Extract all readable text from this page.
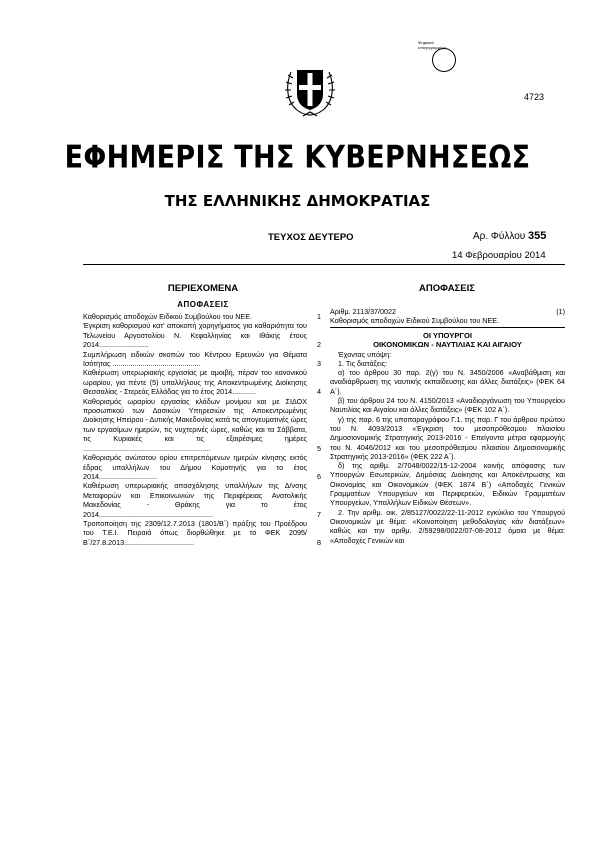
Ψηφιακά υπογεγραμμένο
4723
ΕΦΗΜΕΡΙΣ ΤΗΣ ΚΥΒΕΡΝΗΣΕΩΣ
ΤΗΣ ΕΛΛΗΝΙΚΗΣ ΔΗΜΟΚΡΑΤΙΑΣ
ΤΕΥΧΟΣ ΔΕΥΤΕΡΟ	Αρ. Φύλλου 355
14 Φεβρουαρίου 2014
ΠΕΡΙΕΧΟΜΕΝΑ
ΑΠΟΦΑΣΕΙΣ
Καθορισμός αποδοχών Ειδικού Συμβούλου του ΝΕΕ.	1
Έγκριση καθορισμού κατ’ αποκοπή χορηγήματος για καθαριότητα του Τελωνείου Αργοστολίου Ν. Κεφαλληνίας και Ιθάκης έτους 2014.........................	2
Συμπλήρωση ειδικών σκοπών του Κέντρου Ερευνών για Θέματα Ισότητας ............................................	3
Καθιέρωση υπερωριακής εργασίας με αμοιβή, πέραν του κανονικού ωραρίου, για πέντε (5) υπαλλήλους της Αποκεντρωμένης Διοίκησης Θεσσαλίας - Στερεάς Ελλάδας για το έτος 2014............	4
Καθορισμός ωραρίου εργασίας κλάδων μονίμου και με ΣΙΔΟΧ προσωπικού των Δασικών Υπηρεσιών της Αποκεντρωμένης Διοίκησης Ηπείρου - Δυτικής Μακεδονίας κατά τις απογευματινές ώρες των εργασίμων ημερών, τις νυχτερινές ώρες, καθώς και τα Σάββατα, τις Κυριακές και τις εξαιρέσιμες ημέρες ................................................................	5
Καθορισμός ανώτατου ορίου επιτρεπόμενων ημερών κίνησης εκτός έδρας υπαλλήλων του Δήμου Κομοτηνής για το έτος 2014.............................	6
Καθιέρωση υπερωριακής απασχόλησης υπαλλήλων της Δ/νσης Μεταφορών και Επικοινωνιών της Περιφέρειας Ανατολικής Μακεδονίας - Θράκης για το έτος 2014.........................................................	7
Τροποποίηση της 2309/12.7.2013 (1801/Β΄) πράξης του Προέδρου του Τ.Ε.Ι. Πειραιά όπως διορθώθηκε με το ΦΕΚ 2095/Β΄/27.8.2013...................................	8
ΑΠΟΦΑΣΕΙΣ
Αριθμ. 2113/37/0022	(1)
Καθορισμός αποδοχών Ειδικού Συμβούλου του ΝΕΕ.
ΟΙ ΥΠΟΥΡΓΟΙ
ΟΙΚΟΝΟΜΙΚΩΝ - ΝΑΥΤΙΛΙΑΣ ΚΑΙ ΑΙΓΑΙΟΥ
Έχοντας υπόψη:
1. Τις διατάξεις:
α) του άρθρου 30 παρ. 2(γ) του Ν. 3450/2006 «Αναβάθμιση και αναδιάρθρωση της ναυτικής εκπαίδευσης και άλλες διατάξεις» (ΦΕΚ 64 Α΄).
β) του άρθρου 24 του Ν. 4150/2013 «Αναδιοργάνωση του Υπουργείου Ναυτιλίας και Αιγαίου και άλλες διατάξεις» (ΦΕΚ 102 Α΄).
γ) της παρ. 6 της υποπαραγράφου Γ.1. της παρ. Γ του άρθρου πρώτου του Ν. 4093/2013 «Έγκριση του μεσοπρόθεσμου πλαισίου Δημοσιονομικής Στρατηγικής 2013-2016 - Επείγοντα μέτρα εφαρμογής του Ν. 4046/2012 και του μεσοπρόθεσμου πλαισίου Δημοσιονομικής Στρατηγικής 2013-2016» (ΦΕΚ 222 Α΄).
δ) της αριθμ. 2/7048/0022/15-12-2004 κοινής απόφασης των Υπουργών Εσωτερικών, Δημόσιας Διοίκησης και Αποκέντρωσης και Οικονομίας και Οικονομικών (ΦΕΚ 1874 Β΄) «Αποδοχές Γενικών Γραμματέων Υπουργείων και Περιφερειών, Ειδικών Γραμματέων Υπουργείων, Υπαλλήλων Ειδικών Θέσεων».
2. Την αριθμ. οικ. 2/85127/0022/22-11-2012 εγκύκλιο του Υπουργού Οικονομικών με θέμα: «Κοινοποίηση μεθοδολογίας κάν διατάξεων» καθώς και την αριθμ. 2/59298/0022/07-08-2012 όμοια με θέμα: «Αποδοχές Γενικών και
